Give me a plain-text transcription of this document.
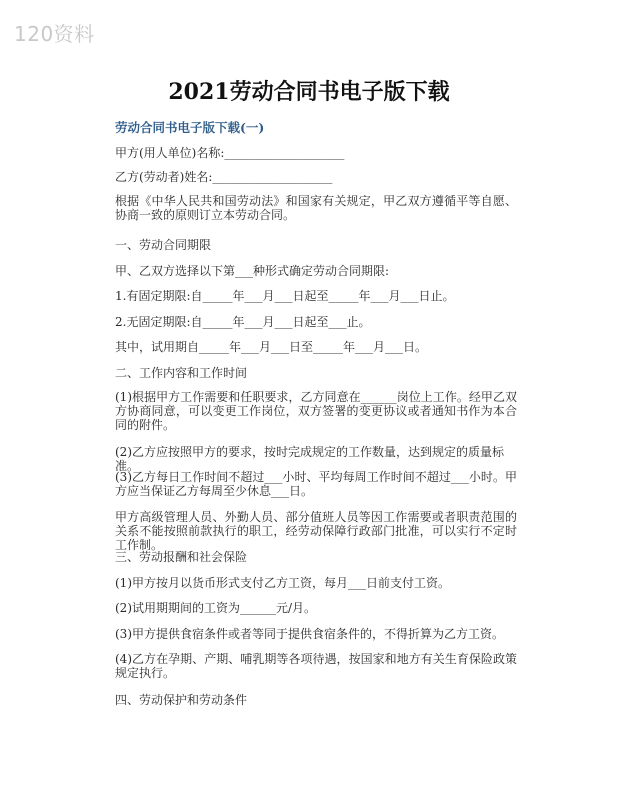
120资料
2021劳动合同书电子版下载
劳动合同书电子版下载(一)
甲方(用人单位)名称:____________________
乙方(劳动者)姓名:____________________
根据《中华人民共和国劳动法》和国家有关规定，甲乙双方遵循平等自愿、协商一致的原则订立本劳动合同。
一、劳动合同期限
甲、乙双方选择以下第___种形式确定劳动合同期限:
1.有固定期限:自_____年___月___日起至_____年___月___日止。
2.无固定期限:自_____年___月___日起至___止。
其中，试用期自_____年___月___日至_____年___月___日。
二、工作内容和工作时间
(1)根据甲方工作需要和任职要求，乙方同意在______岗位上工作。经甲乙双方协商同意，可以变更工作岗位，双方签署的变更协议或者通知书作为本合同的附件。
(2)乙方应按照甲方的要求，按时完成规定的工作数量，达到规定的质量标准。
(3)乙方每日工作时间不超过___小时、平均每周工作时间不超过___小时。甲方应当保证乙方每周至少休息___日。
甲方高级管理人员、外勤人员、部分值班人员等因工作需要或者职责范围的关系不能按照前款执行的职工，经劳动保障行政部门批准，可以实行不定时工作制。
三、劳动报酬和社会保险
(1)甲方按月以货币形式支付乙方工资，每月___日前支付工资。
(2)试用期期间的工资为______元/月。
(3)甲方提供食宿条件或者等同于提供食宿条件的，不得折算为乙方工资。
(4)乙方在孕期、产期、哺乳期等各项待遇，按国家和地方有关生育保险政策规定执行。
四、劳动保护和劳动条件
